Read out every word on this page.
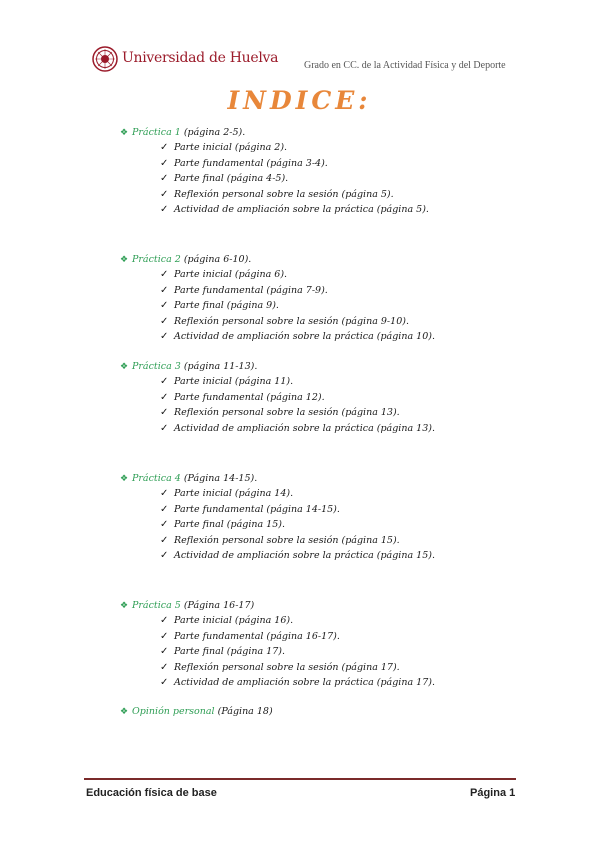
Universidad de Huelva	Grado en CC. de la Actividad Física y del Deporte
INDICE:
❖ Práctica 1 (página 2-5).
✓ Parte inicial (página 2).
✓ Parte fundamental (página 3-4).
✓ Parte final (página 4-5).
✓ Reflexión personal sobre la sesión (página 5).
✓ Actividad de ampliación sobre la práctica (página 5).
❖ Práctica 2 (página 6-10).
✓ Parte inicial (página 6).
✓ Parte fundamental (página 7-9).
✓ Parte final (página 9).
✓ Reflexión personal sobre la sesión (página 9-10).
✓ Actividad de ampliación sobre la práctica (página 10).
❖ Práctica 3 (página 11-13).
✓ Parte inicial (página 11).
✓ Parte fundamental (página 12).
✓ Reflexión personal sobre la sesión (página 13).
✓ Actividad de ampliación sobre la práctica (página 13).
❖ Práctica 4 (Página 14-15).
✓ Parte inicial (página 14).
✓ Parte fundamental (página 14-15).
✓ Parte final (página 15).
✓ Reflexión personal sobre la sesión (página 15).
✓ Actividad de ampliación sobre la práctica (página 15).
❖ Práctica 5 (Página 16-17)
✓ Parte inicial (página 16).
✓ Parte fundamental (página 16-17).
✓ Parte final (página 17).
✓ Reflexión personal sobre la sesión (página 17).
✓ Actividad de ampliación sobre la práctica (página 17).
❖ Opinión personal (Página 18)
Educación física de base	Página 1
